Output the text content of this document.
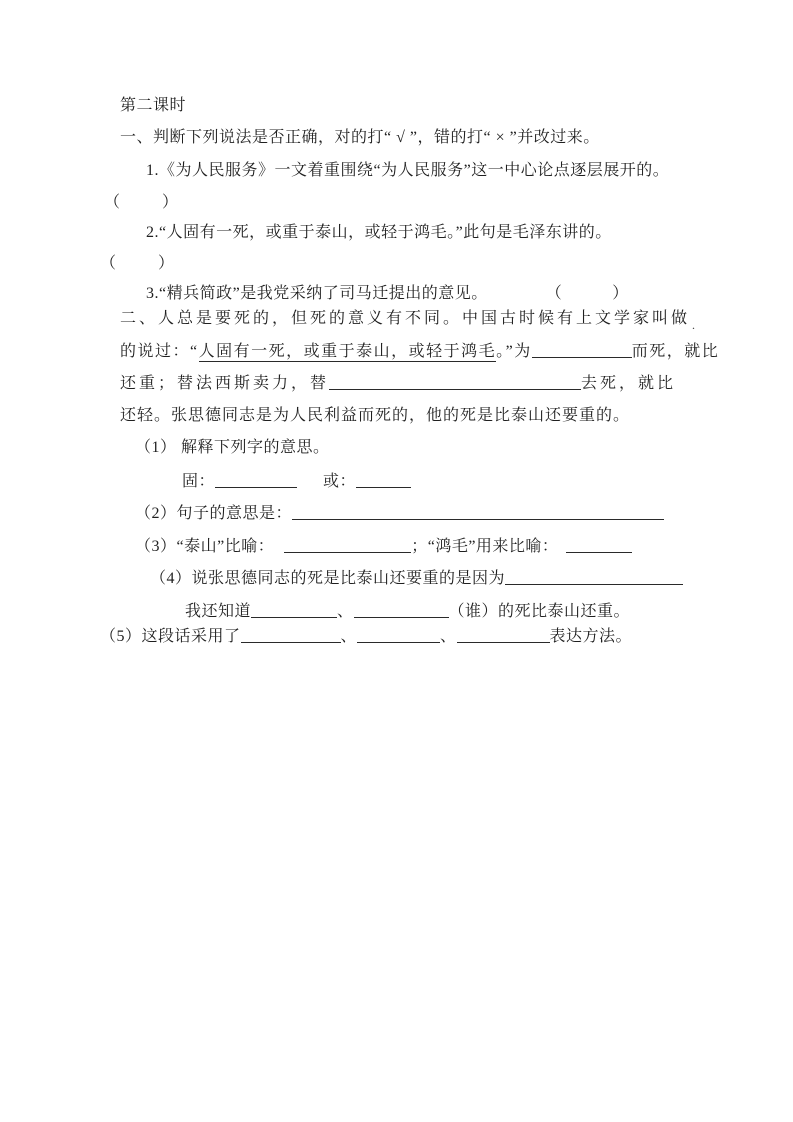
第二课时
一、判断下列说法是否正确，对的打“ √ ”，错的打“ × ”并改过来。
1.《为人民服务》一文着重围绕“为人民服务”这一中心论点逐层展开的。
（	）
2.“人固有一死，或重于泰山，或轻于鸿毛。”此句是毛泽东讲的。
（	）
3.“精兵简政”是我党采纳了司马迁提出的意见。	（	）
二、人总是要死的，但死的意义有不同。中国古时候有上文学家叫做
的说过：“人固有一死，或重于泰山，或轻于鸿毛。”为	而死，就比
还重；替法西斯卖力，替	去死，就比
还轻。张思德同志是为人民利益而死的，他的死是比泰山还要重的。
（1） 解释下列字的意思。
固：	或：
（2）句子的意思是：
（3）“泰山”比喻：	；“鸿毛”用来比喻：
（4）说张思德同志的死是比泰山还要重的是因为
我还知道	、	（谁）的死比泰山还重。
（5）这段话采用了	、	、	表达方法。
.
